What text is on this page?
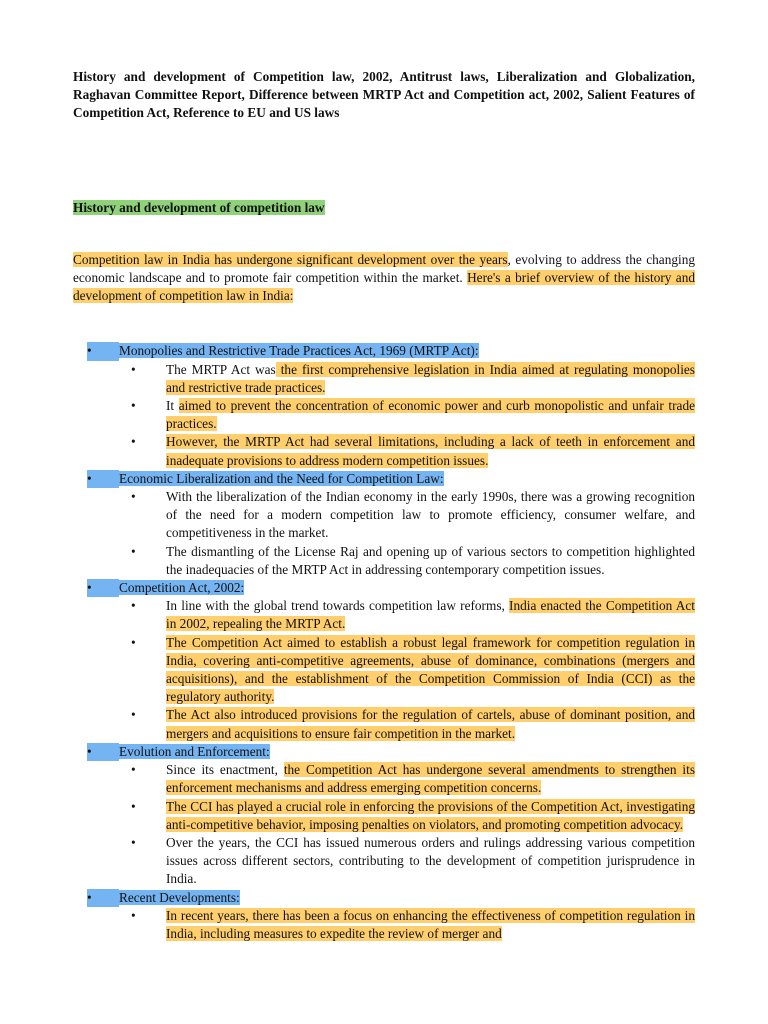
History and development of Competition law, 2002, Antitrust laws, Liberalization and Globalization, Raghavan Committee Report, Difference between MRTP Act and Competition act, 2002, Salient Features of Competition Act, Reference to EU and US laws

History and development of competition law

Competition law in India has undergone significant development over the years, evolving to address the changing economic landscape and to promote fair competition within the market. Here's a brief overview of the history and development of competition law in India:

•	Monopolies and Restrictive Trade Practices Act, 1969 (MRTP Act):
• The MRTP Act was the first comprehensive legislation in India aimed at regulating monopolies and restrictive trade practices.
• It aimed to prevent the concentration of economic power and curb monopolistic and unfair trade practices.
• However, the MRTP Act had several limitations, including a lack of teeth in enforcement and inadequate provisions to address modern competition issues.
•	Economic Liberalization and the Need for Competition Law:
• With the liberalization of the Indian economy in the early 1990s, there was a growing recognition of the need for a modern competition law to promote efficiency, consumer welfare, and competitiveness in the market.
• The dismantling of the License Raj and opening up of various sectors to competition highlighted the inadequacies of the MRTP Act in addressing contemporary competition issues.
•	Competition Act, 2002:
• In line with the global trend towards competition law reforms, India enacted the Competition Act in 2002, repealing the MRTP Act.
• The Competition Act aimed to establish a robust legal framework for competition regulation in India, covering anti-competitive agreements, abuse of dominance, combinations (mergers and acquisitions), and the establishment of the Competition Commission of India (CCI) as the regulatory authority.
• The Act also introduced provisions for the regulation of cartels, abuse of dominant position, and mergers and acquisitions to ensure fair competition in the market.
•	Evolution and Enforcement:
• Since its enactment, the Competition Act has undergone several amendments to strengthen its enforcement mechanisms and address emerging competition concerns.
• The CCI has played a crucial role in enforcing the provisions of the Competition Act, investigating anti-competitive behavior, imposing penalties on violators, and promoting competition advocacy.
• Over the years, the CCI has issued numerous orders and rulings addressing various competition issues across different sectors, contributing to the development of competition jurisprudence in India.
•	Recent Developments:
• In recent years, there has been a focus on enhancing the effectiveness of competition regulation in India, including measures to expedite the review of merger and
